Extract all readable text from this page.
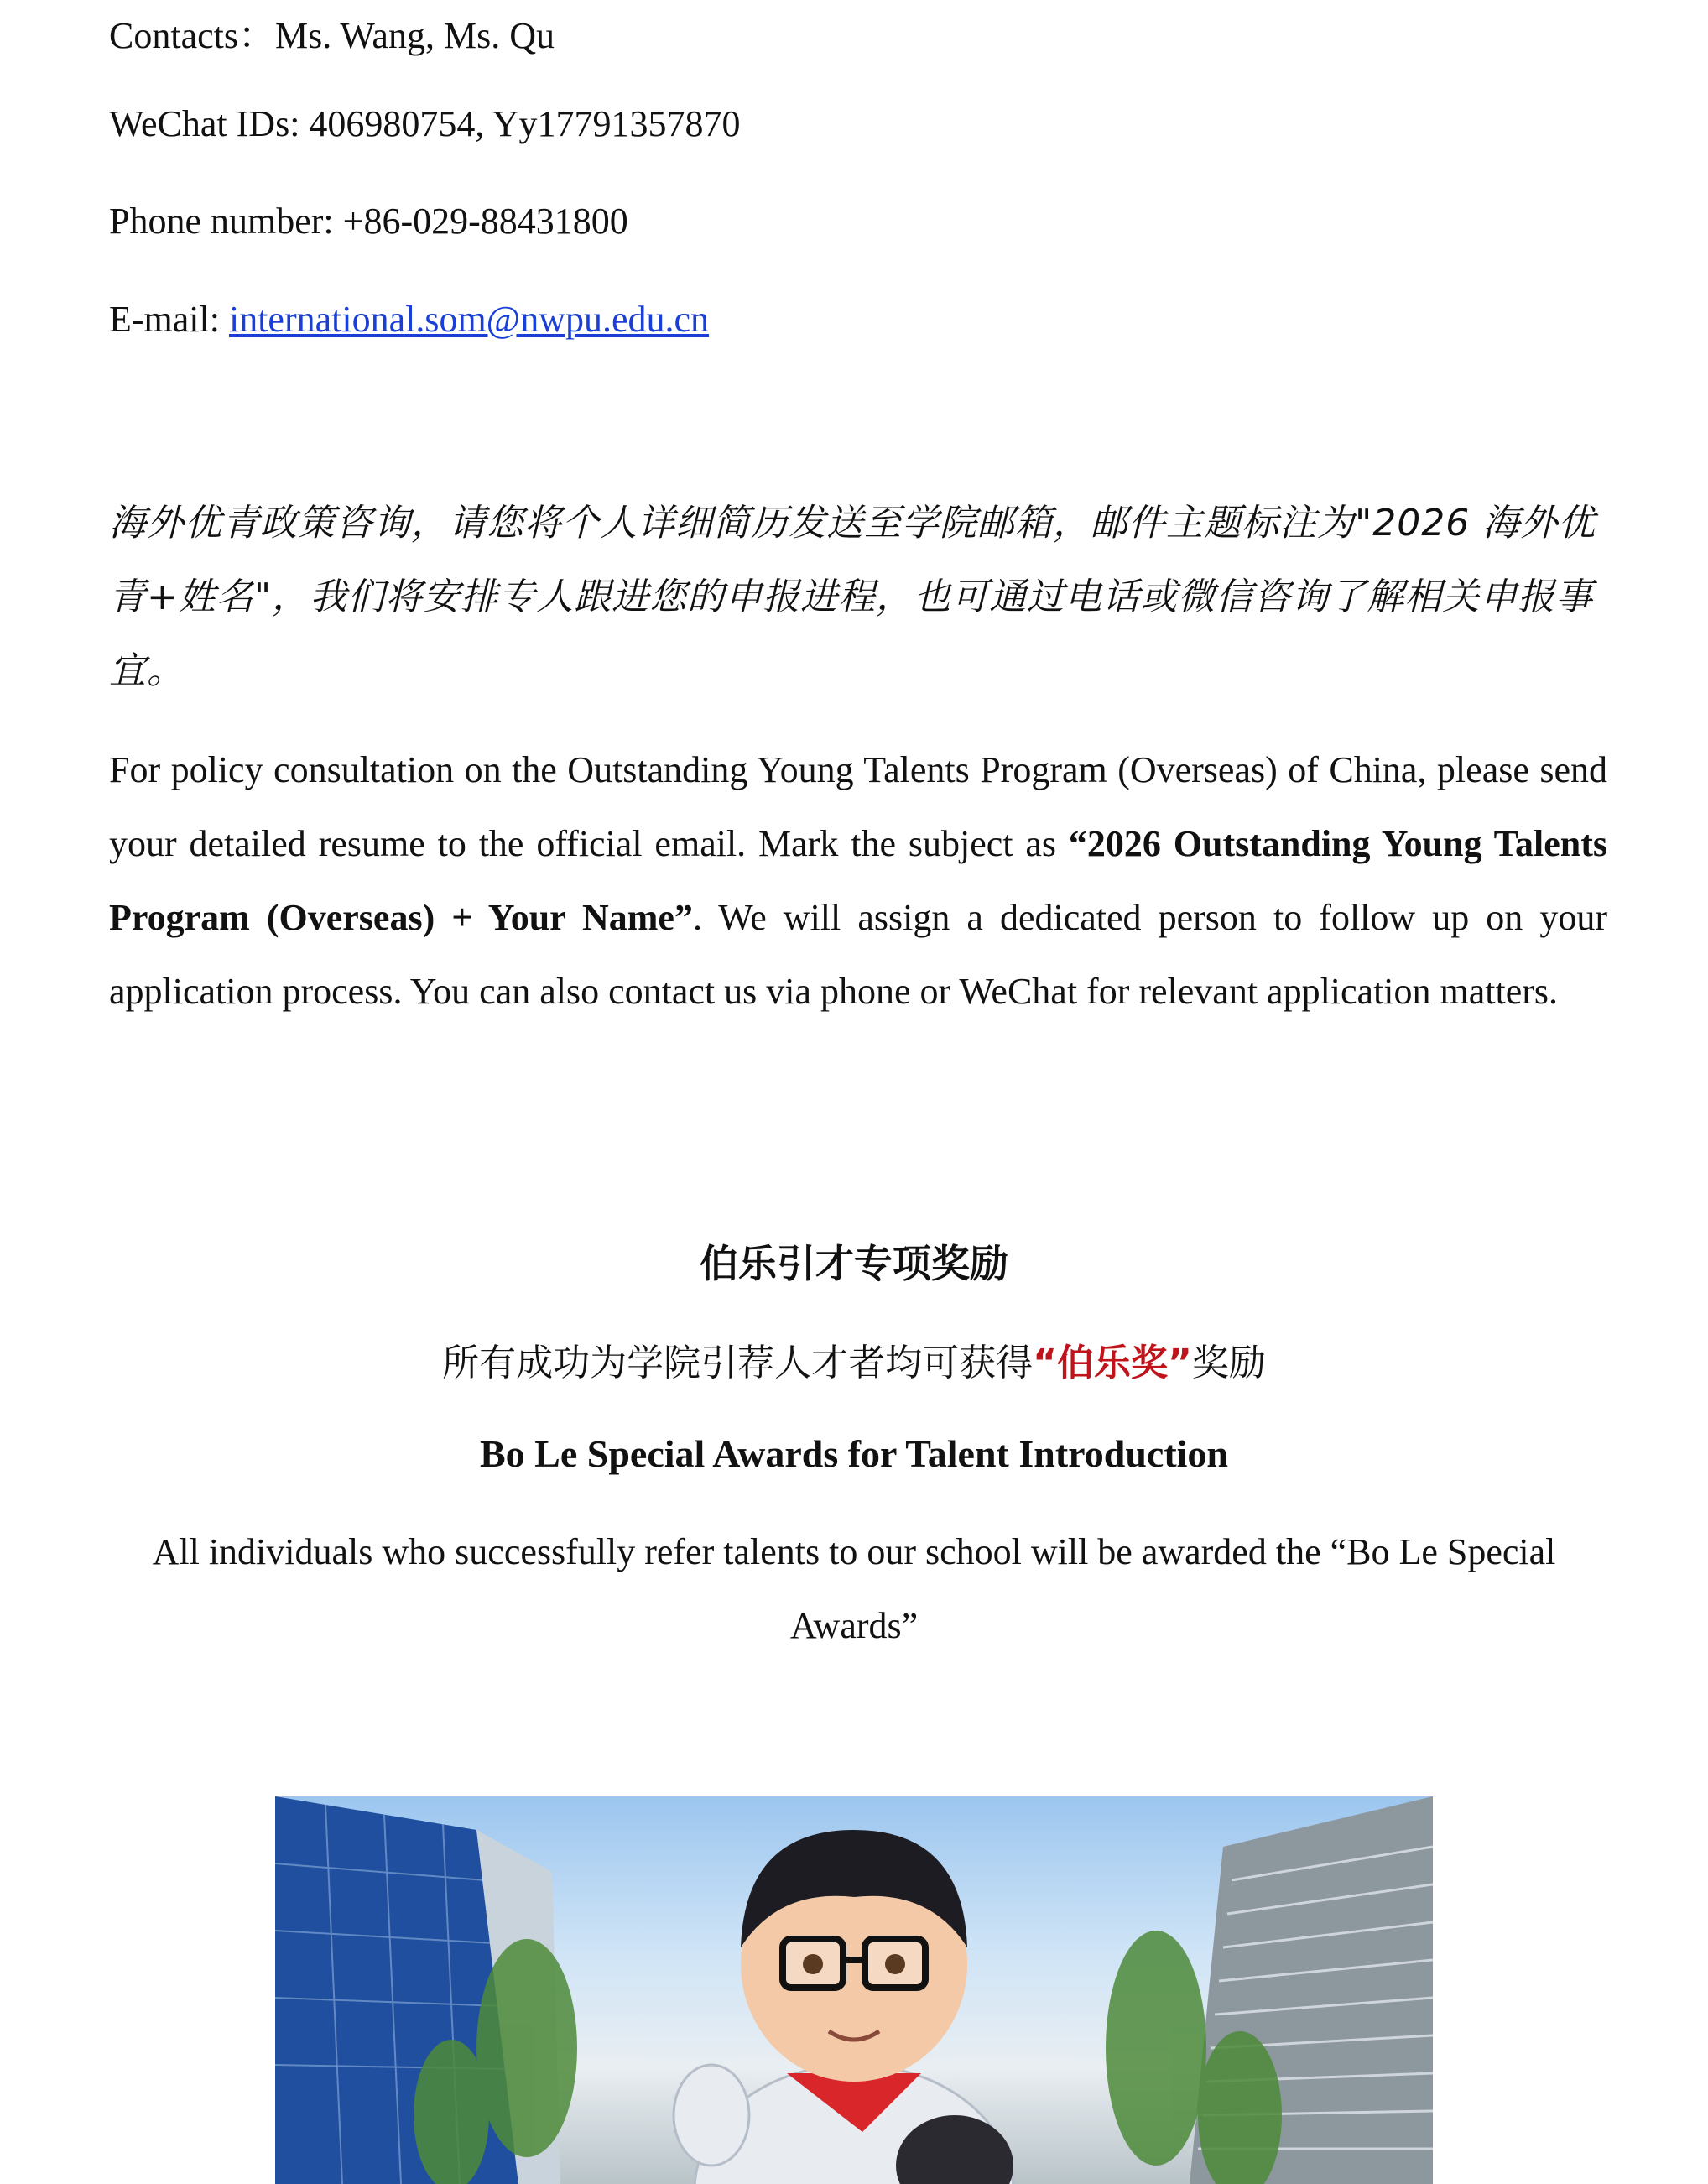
Contacts：Ms. Wang, Ms. Qu
WeChat IDs: 406980754, Yy17791357870
Phone number: +86-029-88431800
E-mail: international.som@nwpu.edu.cn
海外优青政策咨询，请您将个人详细简历发送至学院邮箱，邮件主题标注为"2026 海外优青+姓名"，我们将安排专人跟进您的申报进程，也可通过电话或微信咨询了解相关申报事宜。
For policy consultation on the Outstanding Young Talents Program (Overseas) of China, please send your detailed resume to the official email. Mark the subject as “2026 Outstanding Young Talents Program (Overseas) + Your Name”. We will assign a dedicated person to follow up on your application process. You can also contact us via phone or WeChat for relevant application matters.
伯乐引才专项奖励
所有成功为学院引荐人才者均可获得“伯乐奖”奖励
Bo Le Special Awards for Talent Introduction
All individuals who successfully refer talents to our school will be awarded the “Bo Le Special Awards”
